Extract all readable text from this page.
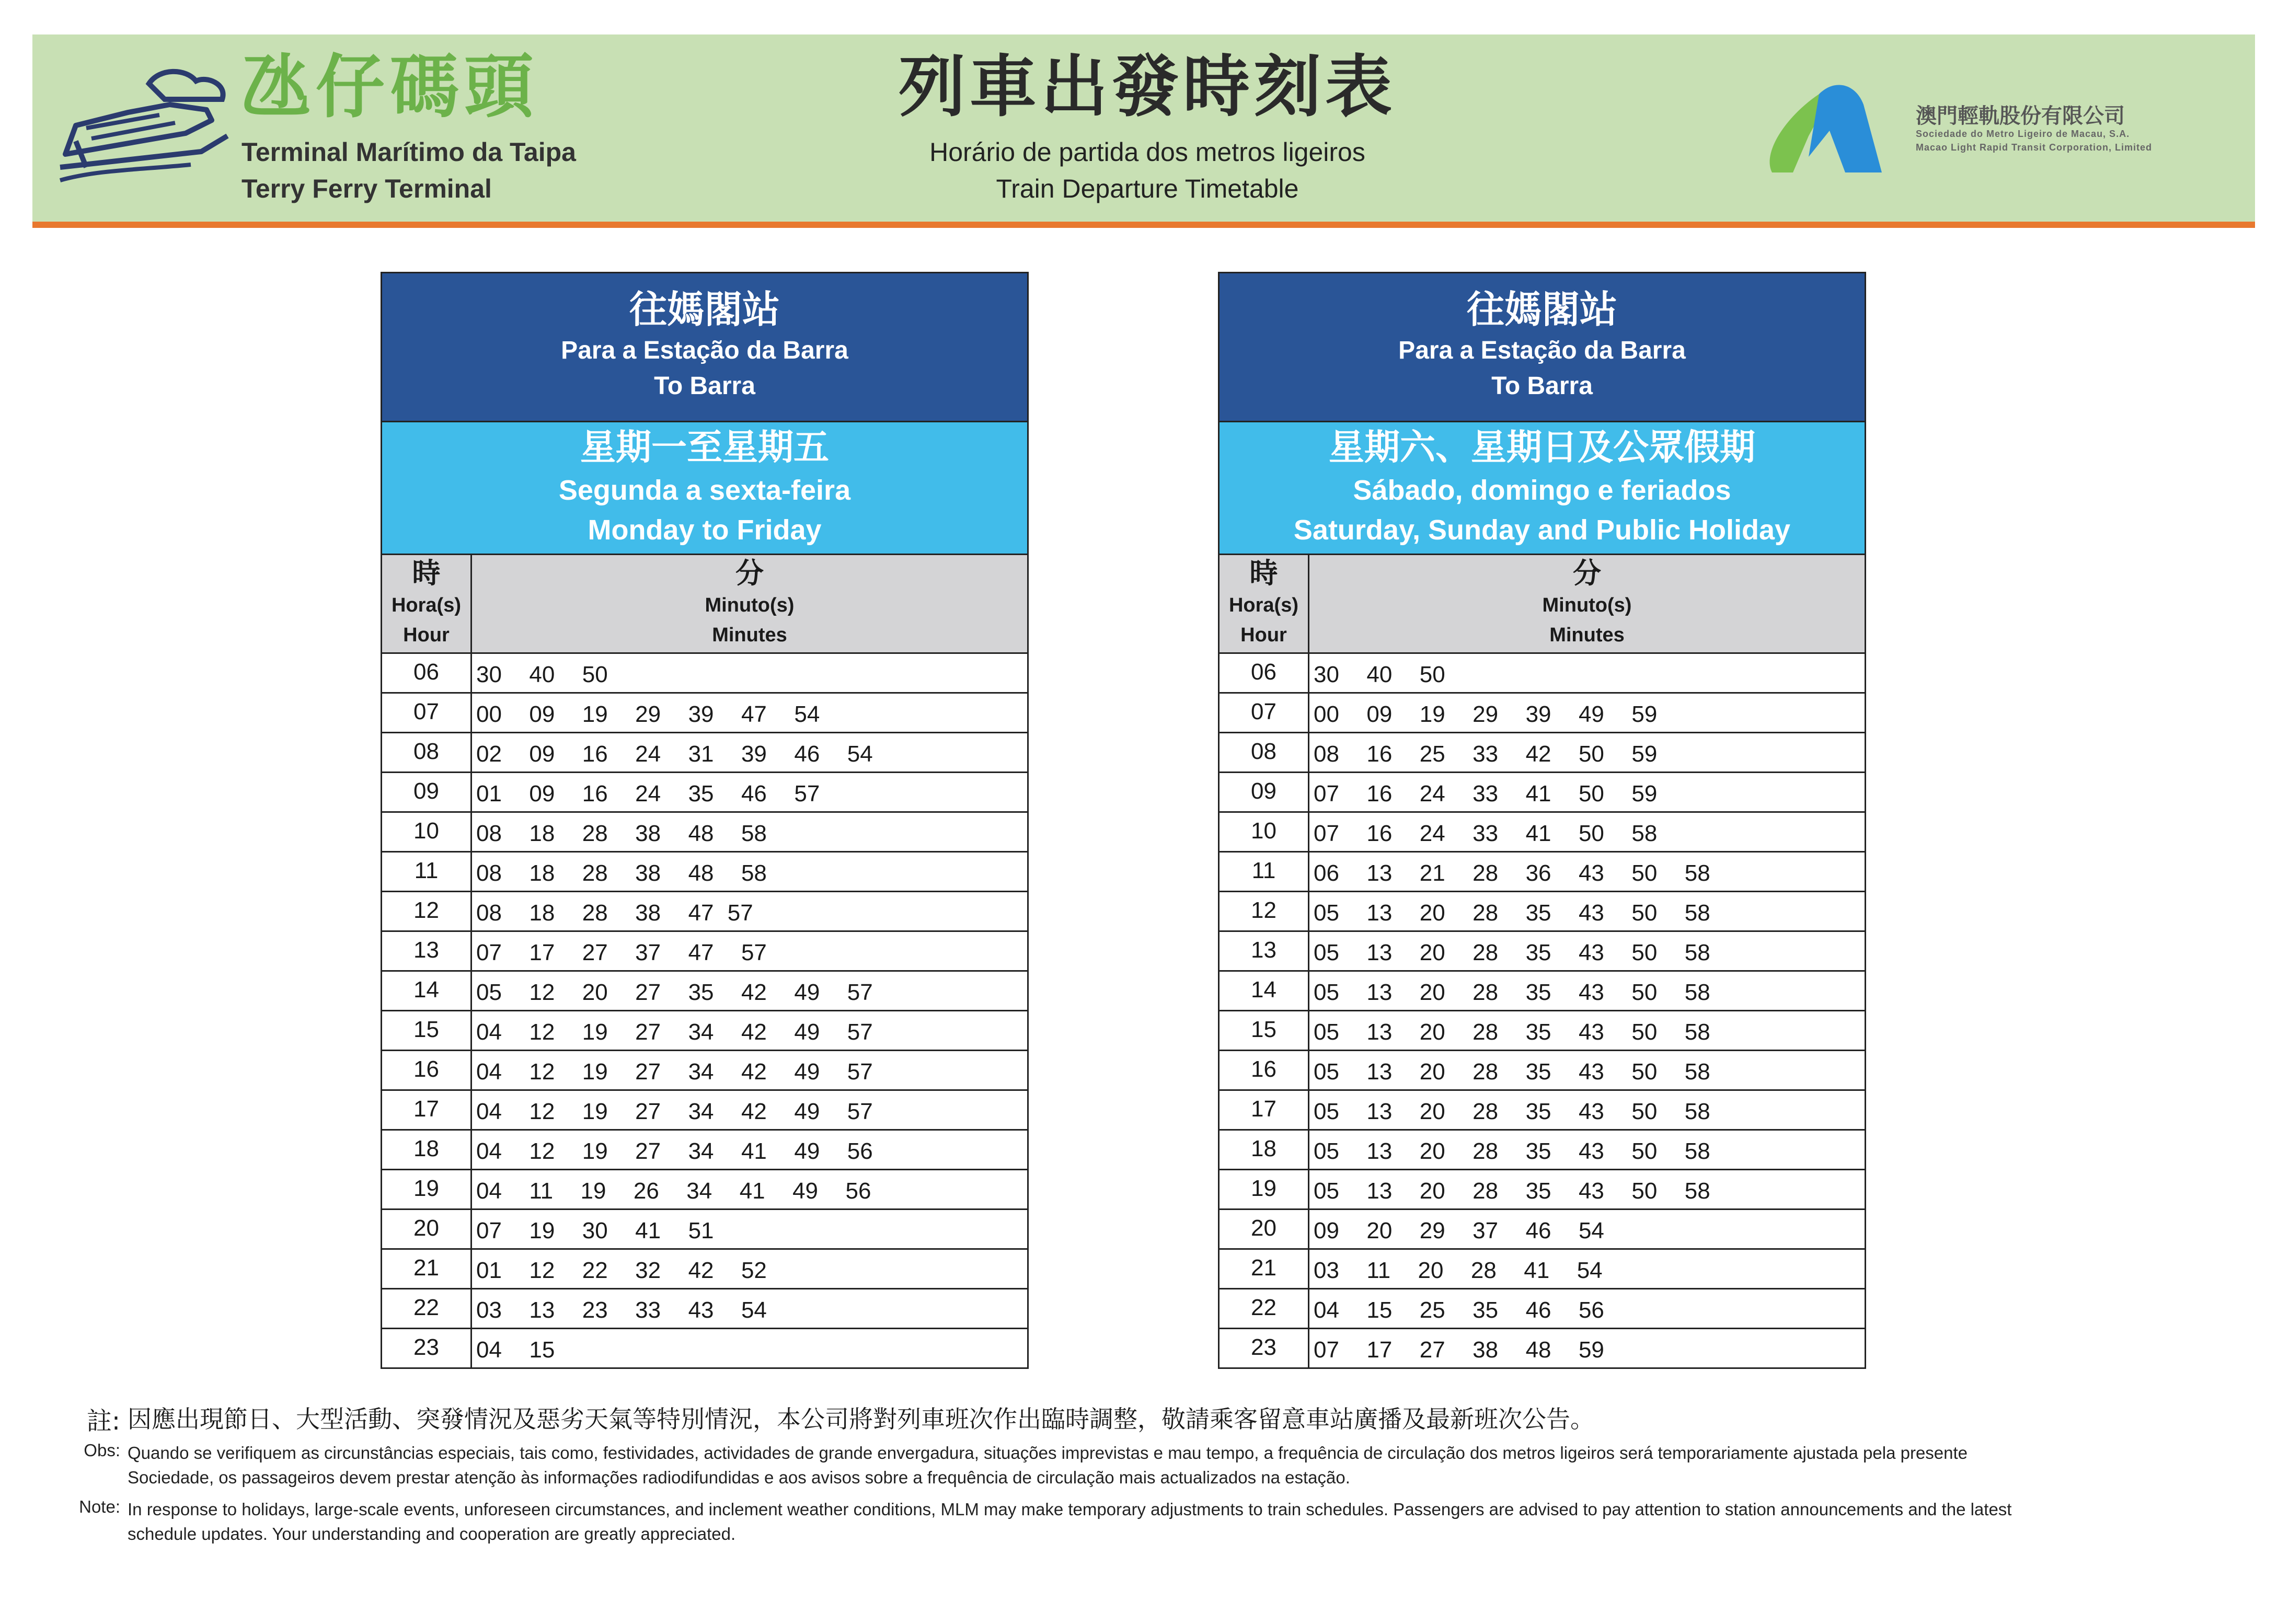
氹仔碼頭
Terminal Marítimo da Taipa
Terry Ferry Terminal
列車出發時刻表
Horário de partida dos metros ligeiros
Train Departure Timetable
澳門輕軌股份有限公司
Sociedade do Metro Ligeiro de Macau, S.A.
Macao Light Rapid Transit Corporation, Limited
往媽閣站
Para a Estação da Barra
To Barra
星期一至星期五
Segunda a sexta-feira
Monday to Friday
時
Hora(s)
Hour
分
Minuto(s)
Minutes
06	30  40  50
07	00  09  19  29  39  47  54
08	02  09  16  24  31  39  46  54
09	01  09  16  24  35  46  57
10	08  18  28  38  48  58
11	08  18  28  38  48  58
12	08  18  28  38  47 57
13	07  17  27  37  47  57
14	05  12  20  27  35  42  49  57
15	04  12  19  27  34  42  49  57
16	04  12  19  27  34  42  49  57
17	04  12  19  27  34  42  49  57
18	04  12  19  27  34  41  49  56
19	04  11  19  26  34  41  49  56
20	07  19  30  41  51
21	01  12  22  32  42  52
22	03  13  23  33  43  54
23	04  15
往媽閣站
Para a Estação da Barra
To Barra
星期六、星期日及公眾假期
Sábado, domingo e feriados
Saturday, Sunday and Public Holiday
時
Hora(s)
Hour
分
Minuto(s)
Minutes
06	30  40  50
07	00  09  19  29  39  49  59
08	08  16  25  33  42  50  59
09	07  16  24  33  41  50  59
10	07  16  24  33  41  50  58
11	06  13  21  28  36  43  50  58
12	05  13  20  28  35  43  50  58
13	05  13  20  28  35  43  50  58
14	05  13  20  28  35  43  50  58
15	05  13  20  28  35  43  50  58
16	05  13  20  28  35  43  50  58
17	05  13  20  28  35  43  50  58
18	05  13  20  28  35  43  50  58
19	05  13  20  28  35  43  50  58
20	09  20  29  37  46  54
21	03  11  20  28  41  54
22	04  15  25  35  46  56
23	07  17  27  38  48  59
註: 因應出現節日、大型活動、突發情況及惡劣天氣等特別情況，本公司將對列車班次作出臨時調整，敬請乘客留意車站廣播及最新班次公告。
Obs: Quando se verifiquem as circunstâncias especiais, tais como, festividades, actividades de grande envergadura, situações imprevistas e mau tempo, a frequência de circulação dos metros ligeiros será temporariamente ajustada pela presente Sociedade, os passageiros devem prestar atenção às informações radiodifundidas e aos avisos sobre a frequência de circulação mais actualizados na estação.
Note: In response to holidays, large-scale events, unforeseen circumstances, and inclement weather conditions, MLM may make temporary adjustments to train schedules. Passengers are advised to pay attention to station announcements and the latest schedule updates. Your understanding and cooperation are greatly appreciated.
